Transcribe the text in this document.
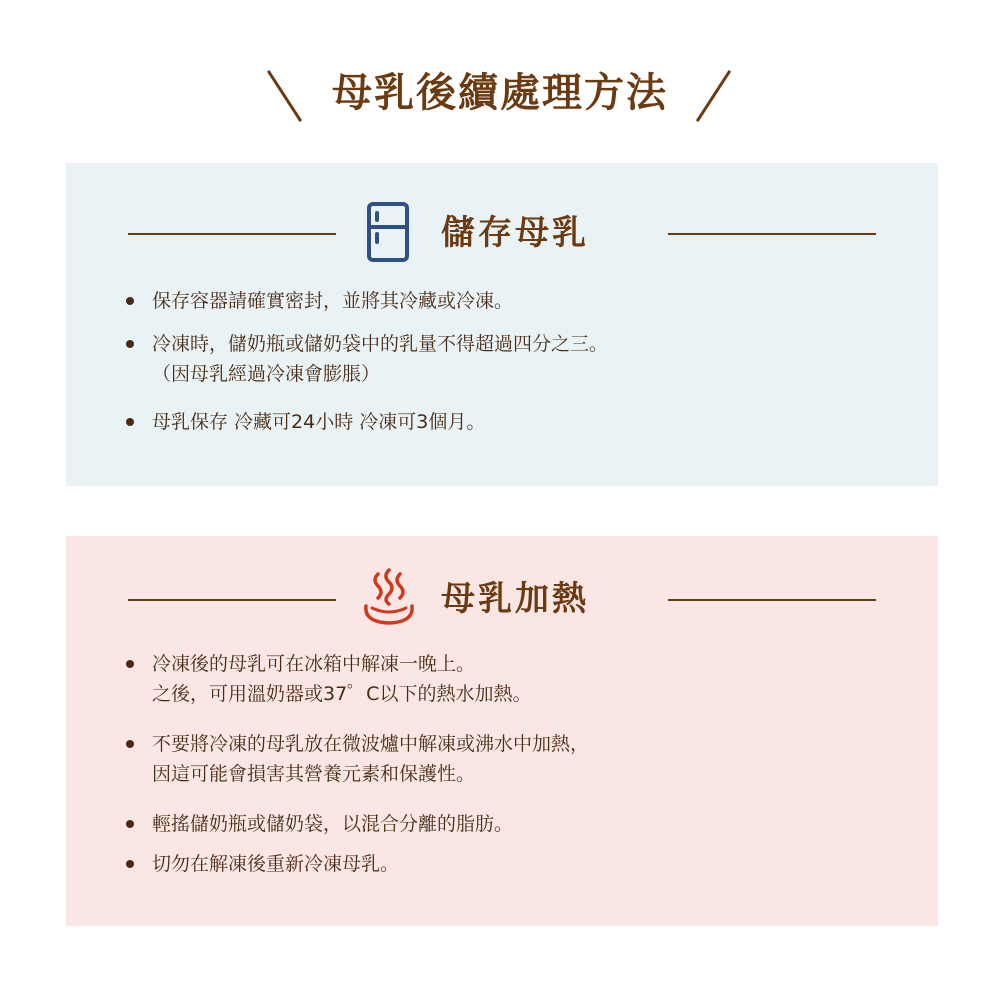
母乳後續處理方法
儲存母乳
保存容器請確實密封，並將其冷藏或冷凍。
冷凍時，儲奶瓶或儲奶袋中的乳量不得超過四分之三。
（因母乳經過冷凍會膨脹）
母乳保存 冷藏可24小時 冷凍可3個月。
母乳加熱
冷凍後的母乳可在冰箱中解凍一晚上。
之後，可用溫奶器或37゜C以下的熱水加熱。
不要將冷凍的母乳放在微波爐中解凍或沸水中加熱，
因這可能會損害其營養元素和保護性。
輕搖儲奶瓶或儲奶袋，以混合分離的脂肪。
切勿在解凍後重新冷凍母乳。
